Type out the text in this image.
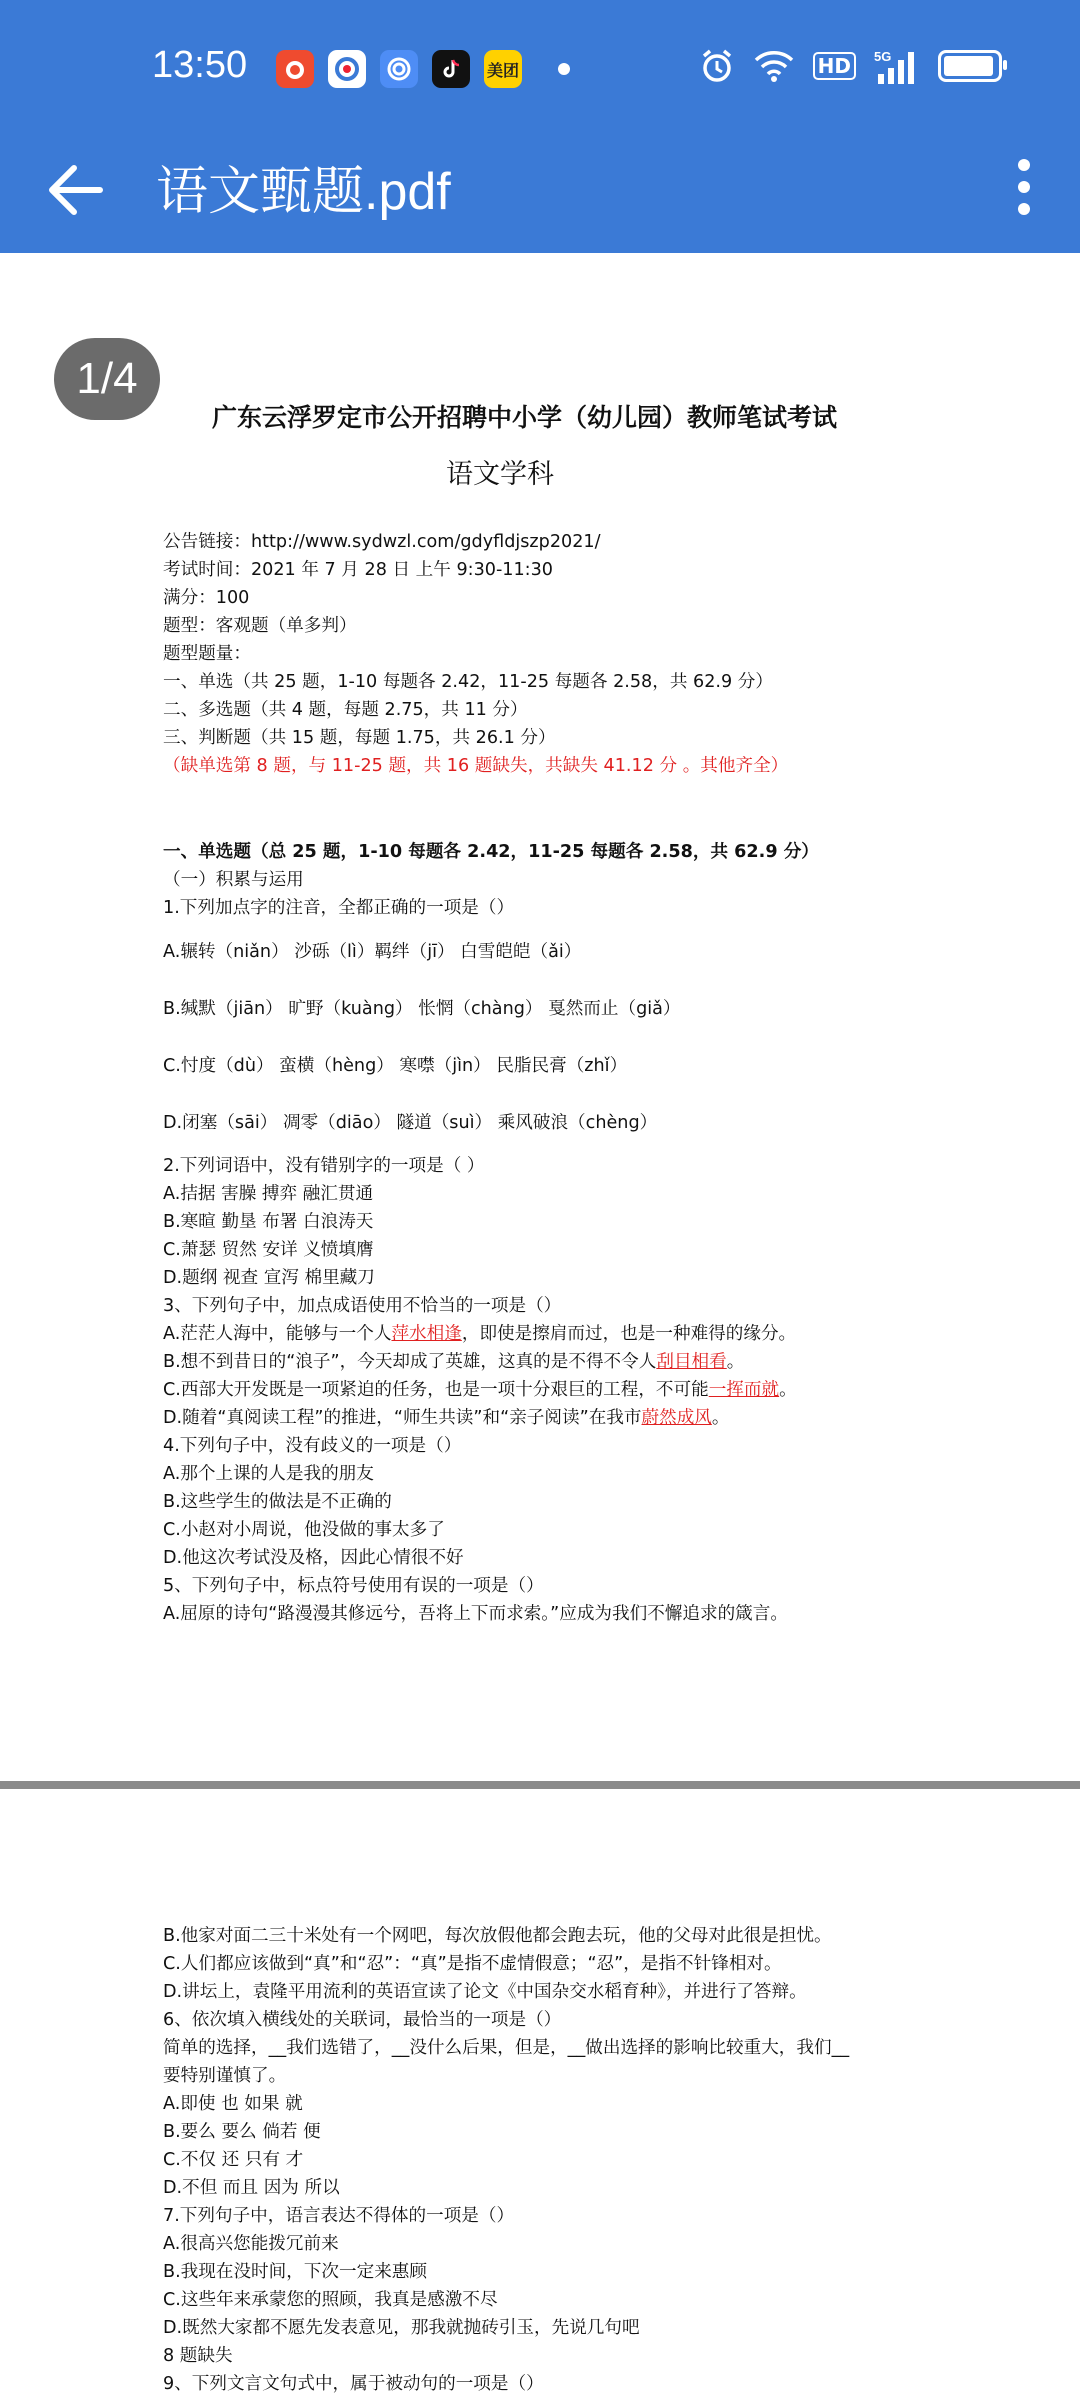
13:50	美团	HD	5G
语文甄题.pdf
1/4
广东云浮罗定市公开招聘中小学（幼儿园）教师笔试考试
语文学科
公告链接：http://www.sydwzl.com/gdyfldjszp2021/
考试时间：2021 年 7 月 28 日 上午 9:30-11:30
满分：100
题型：客观题（单多判）
题型题量：
一、单选（共 25 题，1-10 每题各 2.42，11-25 每题各 2.58，共 62.9 分）
二、多选题（共 4 题，每题 2.75，共 11 分）
三、判断题（共 15 题，每题 1.75，共 26.1 分）
（缺单选第 8 题，与 11-25 题，共 16 题缺失，共缺失 41.12 分 。其他齐全）
一、单选题（总 25 题，1-10 每题各 2.42，11-25 每题各 2.58，共 62.9 分）
（一）积累与运用
1.下列加点字的注音，全都正确的一项是（）
A.辗转（niǎn） 沙砾（lì）羁绊（jī） 白雪皑皑（ǎi）
B.缄默（jiān） 旷野（kuàng） 怅惘（chàng） 戛然而止（giǎ）
C.忖度（dù） 蛮横（hèng） 寒噤（jìn） 民脂民膏（zhǐ）
D.闭塞（sāi） 凋零（diāo） 隧道（suì） 乘风破浪（chèng）
2.下列词语中，没有错别字的一项是（ ）
A.拮据 害臊 搏弈 融汇贯通
B.寒暄 勤垦 布署 白浪涛天
C.萧瑟 贸然 安详 义愤填膺
D.题纲 视查 宣泻 棉里藏刀
3、下列句子中，加点成语使用不恰当的一项是（）
A.茫茫人海中，能够与一个人萍水相逢，即使是擦肩而过，也是一种难得的缘分。
B.想不到昔日的“浪子”，今天却成了英雄，这真的是不得不令人刮目相看。
C.西部大开发既是一项紧迫的任务，也是一项十分艰巨的工程，不可能一挥而就。
D.随着“真阅读工程”的推进，“师生共读”和“亲子阅读”在我市蔚然成风。
4.下列句子中，没有歧义的一项是（）
A.那个上课的人是我的朋友
B.这些学生的做法是不正确的
C.小赵对小周说，他没做的事太多了
D.他这次考试没及格，因此心情很不好
5、下列句子中，标点符号使用有误的一项是（）
A.屈原的诗句“路漫漫其修远兮，吾将上下而求索。”应成为我们不懈追求的箴言。
B.他家对面二三十米处有一个网吧，每次放假他都会跑去玩，他的父母对此很是担忧。
C.人们都应该做到“真”和“忍”：“真”是指不虚情假意；“忍”，是指不针锋相对。
D.讲坛上，袁隆平用流利的英语宣读了论文《中国杂交水稻育种》，并进行了答辩。
6、依次填入横线处的关联词，最恰当的一项是（）
简单的选择，__我们选错了，__没什么后果，但是，__做出选择的影响比较重大，我们__
要特别谨慎了。
A.即使 也 如果 就
B.要么 要么 倘若 便
C.不仅 还 只有 才
D.不但 而且 因为 所以
7.下列句子中，语言表达不得体的一项是（）
A.很高兴您能拨冗前来
B.我现在没时间，下次一定来惠顾
C.这些年来承蒙您的照顾，我真是感激不尽
D.既然大家都不愿先发表意见，那我就抛砖引玉，先说几句吧
8 题缺失
9、下列文言文句式中，属于被动句的一项是（）
